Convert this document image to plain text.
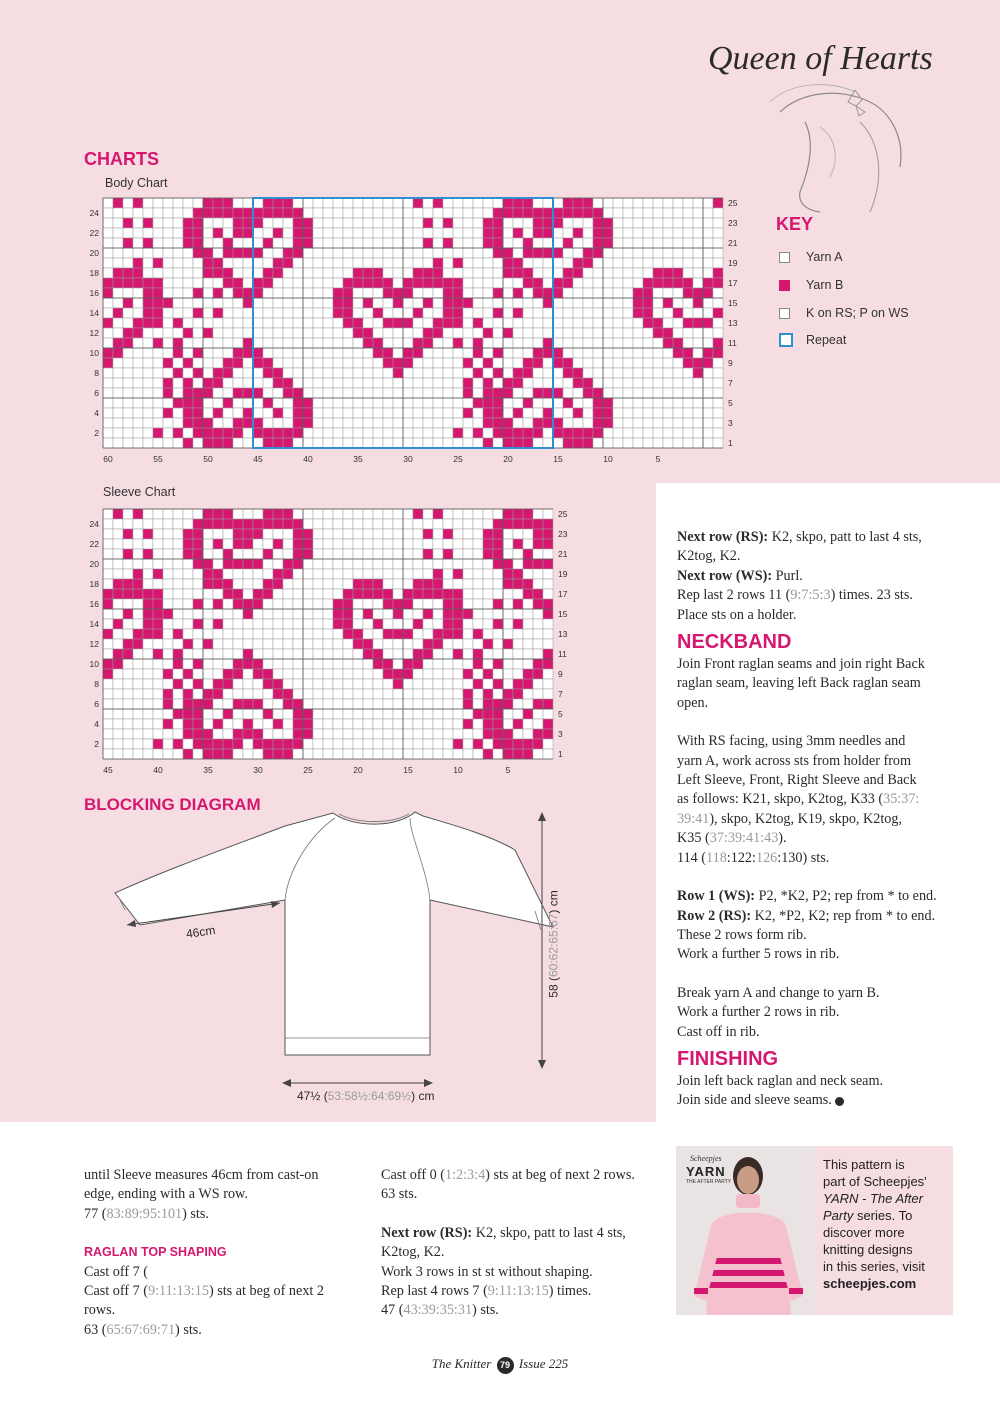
Queen of Hearts
CHARTS
Body Chart
Sleeve Chart
24
22
20
18
16
14
12
10
8
6
4
2
25
23
21
19
17
15
13
11
9
7
5
3
1
60	55	50	45	40	35	30	25	20	15	10	5
24
22
20
18
16
14
12
10
8
6
4
2
25
23
21
19
17
15
13
11
9
7
5
3
1
45	40	35	30	25	20	15	10	5
KEY
Yarn A
Yarn B
K on RS; P on WS
Repeat
BLOCKING DIAGRAM
46cm
58 (60:62:65:67) cm
47½ (53:58½:64:69½) cm

Next row (RS): K2, skpo, patt to last 4 sts,

K2tog, K2.

Next row (WS): Purl.

Rep last 2 rows 11 (9:7:5:3) times. 23 sts.

Place sts on a holder.

NECKBAND

Join Front raglan seams and join right Back

raglan seam, leaving left Back raglan seam

open.

With RS facing, using 3mm needles and

yarn A, work across sts from holder from

Left Sleeve, Front, Right Sleeve and Back

as follows: K21, skpo, K2tog, K33 (35:37:

39:41), skpo, K2tog, K19, skpo, K2tog,

K35 (37:39:41:43).

114 (118:122:126:130) sts.

Row 1 (WS): P2, *K2, P2; rep from * to end.

Row 2 (RS): K2, *P2, K2; rep from * to end.

These 2 rows form rib.

Work a further 5 rows in rib.

Break yarn A and change to yarn B.

Work a further 2 rows in rib.

Cast off in rib.

FINISHING

Join left back raglan and neck seam.

Join side and sleeve seams.

until Sleeve measures 46cm from cast-on

edge, ending with a WS row.

77 (83:89:95:101) sts.

RAGLAN TOP SHAPING

Cast off 7 (

Cast off 7 (9:11:13:15) sts at beg of next 2

rows.

63 (65:67:69:71) sts.

Cast off 0 (1:2:3:4) sts at beg of next 2 rows.

63 sts.

Next row (RS): K2, skpo, patt to last 4 sts,

K2tog, K2.

Work 3 rows in st st without shaping.

Rep last 4 rows 7 (9:11:13:15) times.

47 (43:39:35:31) sts.

Scheepjes
YARN
THE AFTER PARTY
This pattern is
part of Scheepjes'
YARN - The After
Party series. To
discover more
knitting designs
in this series, visit
scheepjes.com
The Knitter 79 Issue 225
